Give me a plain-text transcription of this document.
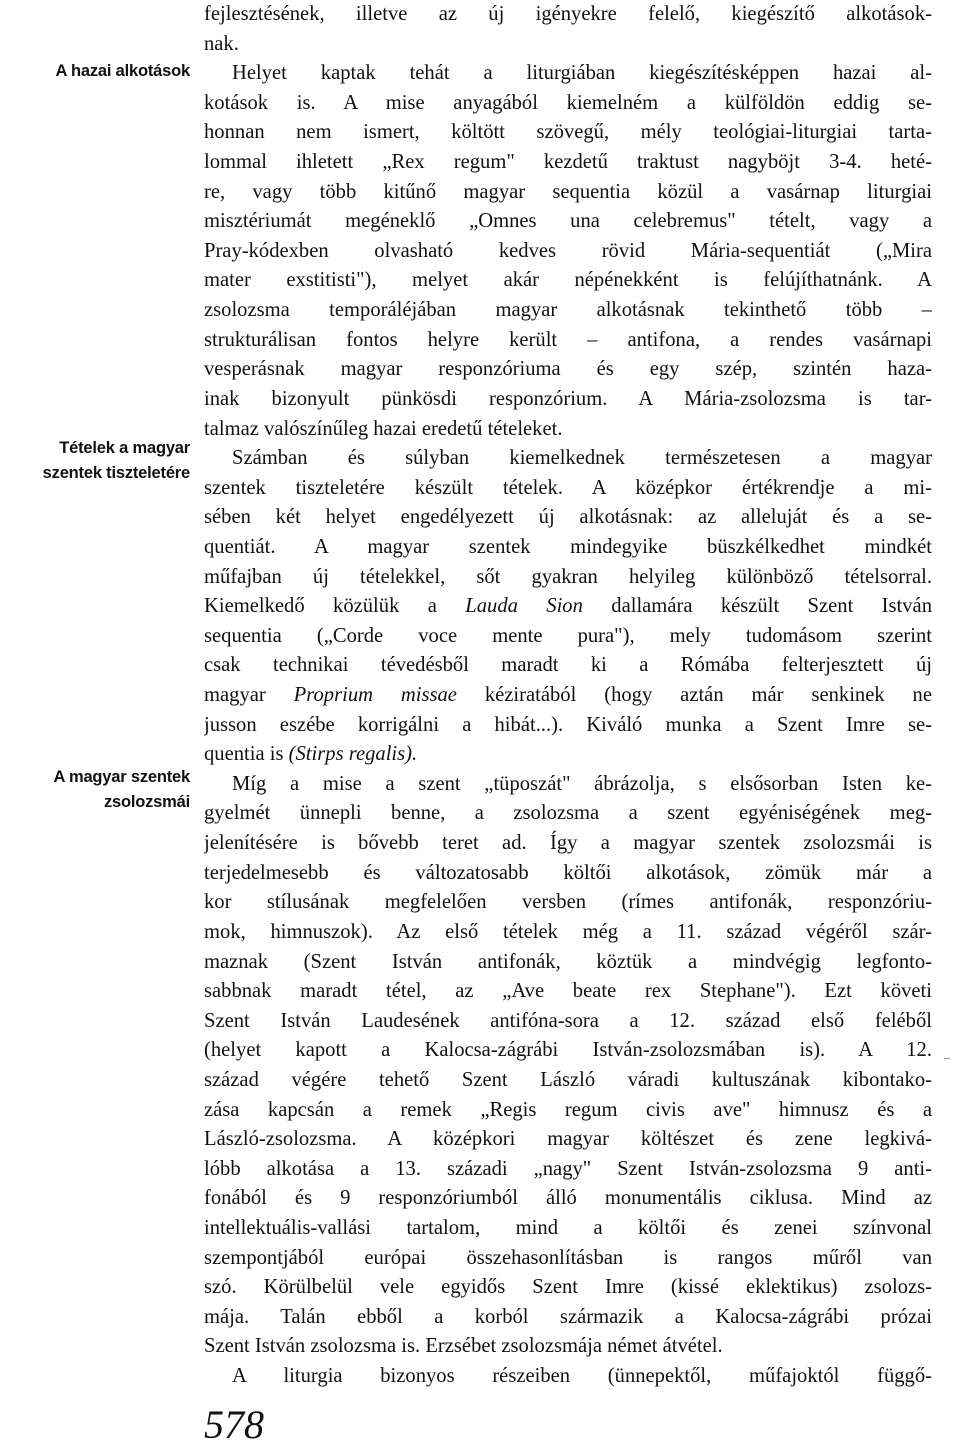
A hazai alkotások
Tételek a magyar
szentek tiszteletére
A magyar szentek
zsolozsmái
fejlesztésének, illetve az új igényekre felelő, kiegészítő alkotások-
nak.
Helyet kaptak tehát a liturgiában kiegészítésképpen hazai al-
kotások is. A mise anyagából kiemelném a külföldön eddig se-
honnan nem ismert, költött szövegű, mély teológiai-liturgiai tarta-
lommal ihletett „Rex regum" kezdetű traktust nagyböjt 3-4. heté-
re, vagy több kitűnő magyar sequentia közül a vasárnap liturgiai
misztériumát megéneklő „Omnes una celebremus" tételt, vagy a
Pray-kódexben olvasható kedves rövid Mária-sequentiát („Mira
mater exstitisti"), melyet akár népénekként is felújíthatnánk. A
zsolozsma temporáléjában magyar alkotásnak tekinthető több –
strukturálisan fontos helyre került – antifona, a rendes vasárnapi
vesperásnak magyar responzóriuma és egy szép, szintén haza-
inak bizonyult pünkösdi responzórium. A Mária-zsolozsma is tar-
talmaz valószínűleg hazai eredetű tételeket.
Számban és súlyban kiemelkednek természetesen a magyar
szentek tiszteletére készült tételek. A középkor értékrendje a mi-
sében két helyet engedélyezett új alkotásnak: az alleluját és a se-
quentiát. A magyar szentek mindegyike büszkélkedhet mindkét
műfajban új tételekkel, sőt gyakran helyileg különböző tételsorral.
Kiemelkedő közülük a Lauda Sion dallamára készült Szent István
sequentia („Corde voce mente pura"), mely tudomásom szerint
csak technikai tévedésből maradt ki a Rómába felterjesztett új
magyar Proprium missae kéziratából (hogy aztán már senkinek ne
jusson eszébe korrigálni a hibát...). Kiváló munka a Szent Imre se-
quentia is (Stirps regalis).
Míg a mise a szent „tüposzát" ábrázolja, s elsősorban Isten ke-
gyelmét ünnepli benne, a zsolozsma a szent egyéniségének meg-
jelenítésére is bővebb teret ad. Így a magyar szentek zsolozsmái is
terjedelmesebb és változatosabb költői alkotások, zömük már a
kor stílusának megfelelően versben (rímes antifonák, responzóriu-
mok, himnuszok). Az első tételek még a 11. század végéről szár-
maznak (Szent István antifonák, köztük a mindvégig legfonto-
sabbnak maradt tétel, az „Ave beate rex Stephane"). Ezt követi
Szent István Laudesének antifóna-sora a 12. század első feléből
(helyet kapott a Kalocsa-zágrábi István-zsolozsmában is). A 12.
század végére tehető Szent László váradi kultuszának kibontako-
zása kapcsán a remek „Regis regum civis ave" himnusz és a
László-zsolozsma. A középkori magyar költészet és zene legkivá-
lóbb alkotása a 13. századi „nagy" Szent István-zsolozsma 9 anti-
fonából és 9 responzóriumból álló monumentális ciklusa. Mind az
intellektuális-vallási tartalom, mind a költői és zenei színvonal
szempontjából európai összehasonlításban is rangos műről van
szó. Körülbelül vele egyidős Szent Imre (kissé eklektikus) zsolozs-
mája. Talán ebből a korból származik a Kalocsa-zágrábi prózai
Szent István zsolozsma is. Erzsébet zsolozsmája német átvétel.
A liturgia bizonyos részeiben (ünnepektől, műfajoktól függő-
578
